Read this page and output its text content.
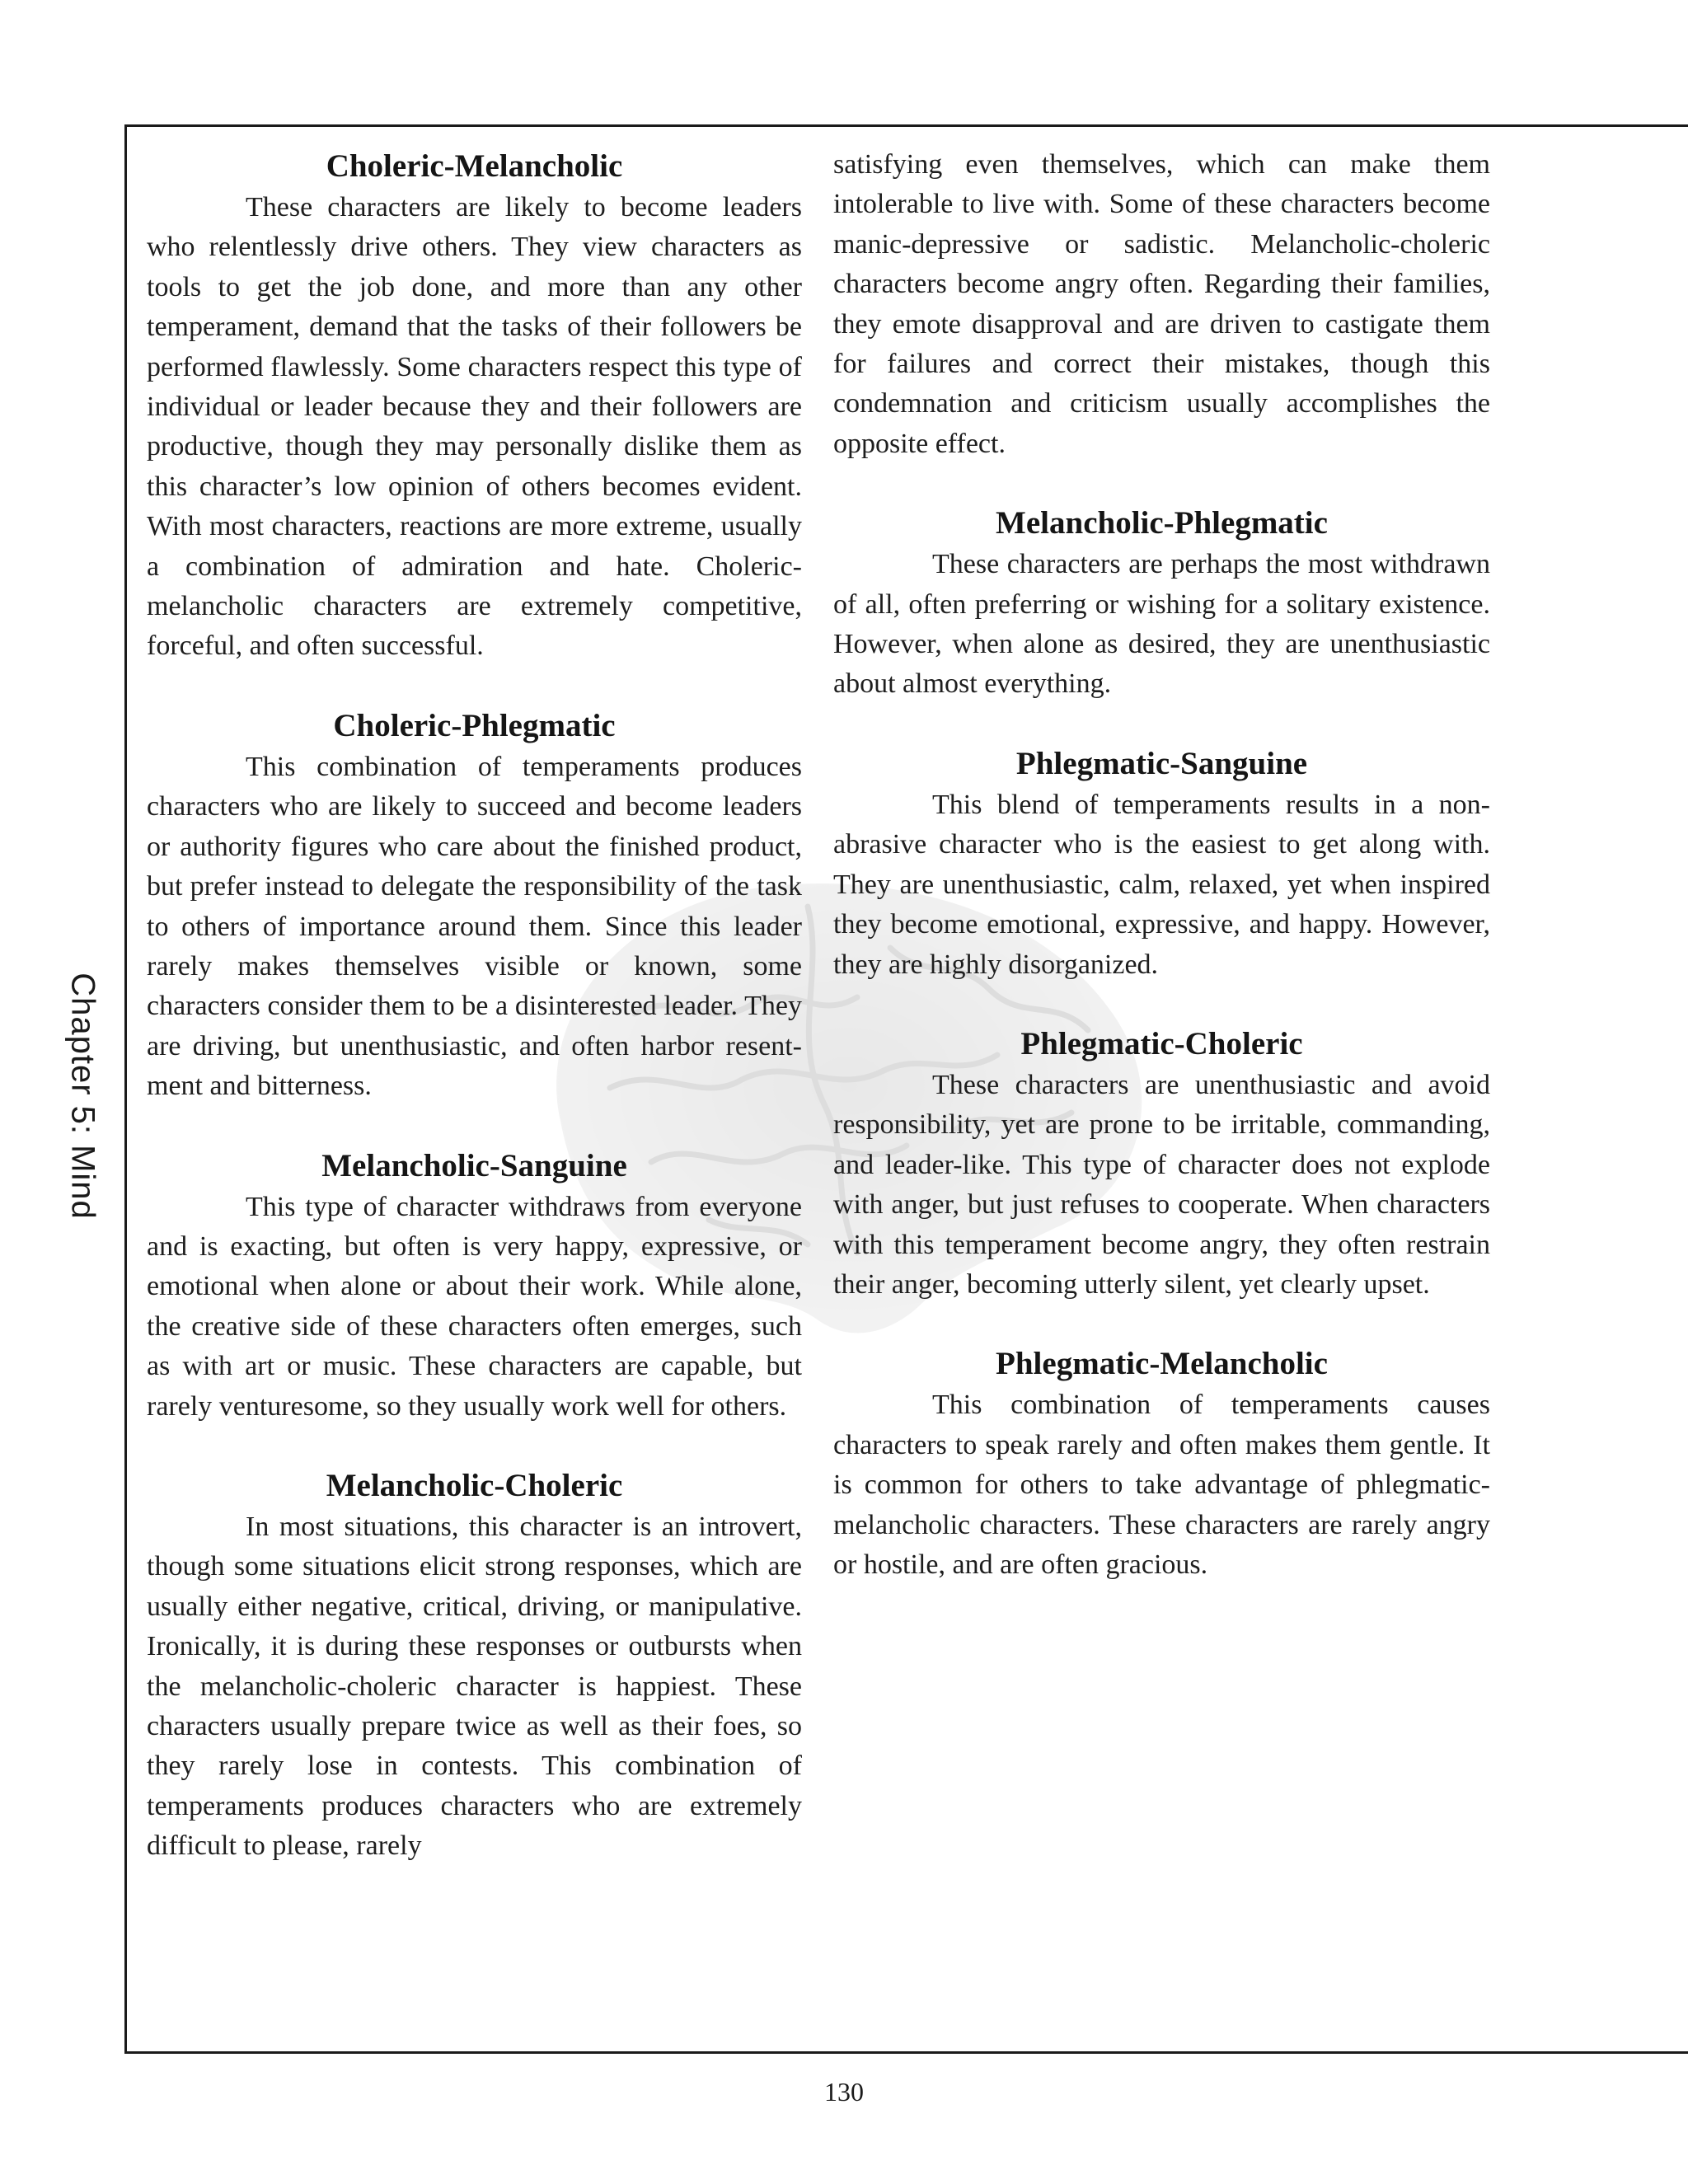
Chapter 5: Mind
Choleric-Melancholic

These characters are likely to become leaders who relentlessly drive others. They view characters as tools to get the job done, and more than any other temperament, demand that the tasks of their followers be performed flawlessly. Some characters respect this type of individual or leader because they and their followers are productive, though they may personally dislike them as this character’s low opinion of others becomes evident. With most characters, reactions are more extreme, usually a combination of admiration and hate. Choleric-melancholic characters are extremely competitive, forceful, and often successful.

Choleric-Phlegmatic

This combination of temperaments produces characters who are likely to succeed and become leaders or authority figures who care about the finished product, but prefer instead to delegate the responsibility of the task to others of importance around them. Since this leader rarely makes themselves visible or known, some characters consider them to be a disinterested leader. They are driving, but unenthusiastic, and often harbor resentment and bitterness.

Melancholic-Sanguine

This type of character withdraws from everyone and is exacting, but often is very happy, expressive, or emotional when alone or about their work. While alone, the creative side of these characters often emerges, such as with art or music. These characters are capable, but rarely venturesome, so they usually work well for others.

Melancholic-Choleric

In most situations, this character is an introvert, though some situations elicit strong responses, which are usually either negative, critical, driving, or manipulative. Ironically, it is during these responses or outbursts when the melancholic-choleric character is happiest. These characters usually prepare twice as well as their foes, so they rarely lose in contests. This combination of temperaments produces characters who are extremely difficult to please, rarely

satisfying even themselves, which can make them intolerable to live with. Some of these characters become manic-depressive or sadistic. Melancholic-choleric characters become angry often. Regarding their families, they emote disapproval and are driven to castigate them for failures and correct their mistakes, though this condemnation and criticism usually accomplishes the opposite effect.

Melancholic-Phlegmatic

These characters are perhaps the most withdrawn of all, often preferring or wishing for a solitary existence. However, when alone as desired, they are unenthusiastic about almost everything.

Phlegmatic-Sanguine

This blend of temperaments results in a non-abrasive character who is the easiest to get along with. They are unenthusiastic, calm, relaxed, yet when inspired they become emotional, expressive, and happy. However, they are highly disorganized.

Phlegmatic-Choleric

These characters are unenthusiastic and avoid responsibility, yet are prone to be irritable, commanding, and leader-like. This type of character does not explode with anger, but just refuses to cooperate. When characters with this temperament become angry, they often restrain their anger, becoming utterly silent, yet clearly upset.

Phlegmatic-Melancholic

This combination of temperaments causes characters to speak rarely and often makes them gentle. It is common for others to take advantage of phlegmatic-melancholic characters. These characters are rarely angry or hostile, and are often gracious.

130
